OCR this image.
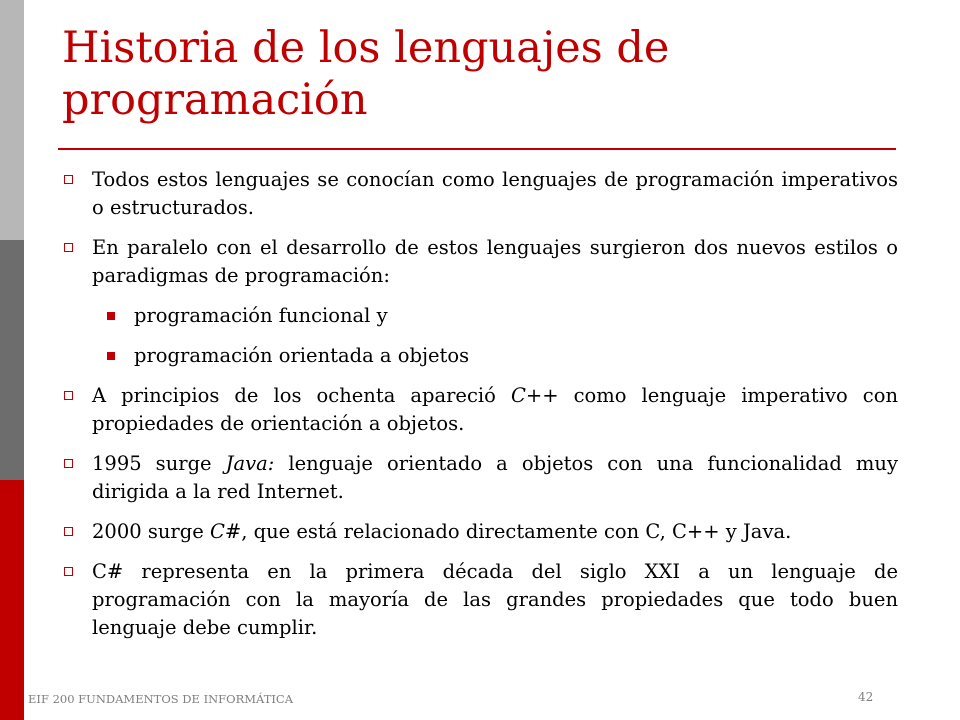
Historia de los lenguajes de programación
Todos estos lenguajes se conocían como lenguajes de programación imperativos o estructurados.
En paralelo con el desarrollo de estos lenguajes surgieron dos nuevos estilos o paradigmas de programación:
programación funcional y
programación orientada a objetos
A principios de los ochenta apareció C++ como lenguaje imperativo con propiedades de orientación a objetos.
1995 surge Java: lenguaje orientado a objetos con una funcionalidad muy dirigida a la red Internet.
2000 surge C#, que está relacionado directamente con C, C++ y Java.
C# representa en la primera década del siglo XXI a un lenguaje de programación con la mayoría de las grandes propiedades que todo buen lenguaje debe cumplir.
EIF 200 FUNDAMENTOS DE INFORMÁTICA	42
